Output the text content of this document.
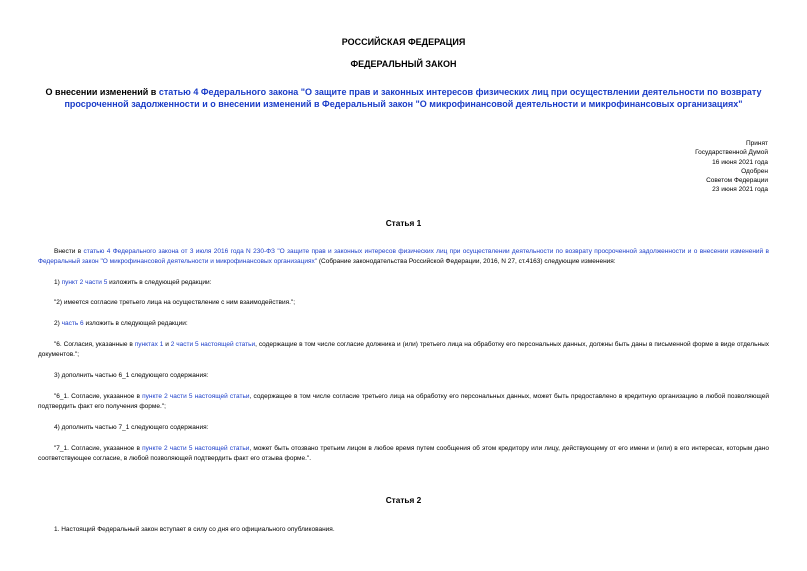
РОССИЙСКАЯ ФЕДЕРАЦИЯ
ФЕДЕРАЛЬНЫЙ ЗАКОН
О внесении изменений в статью 4 Федерального закона "О защите прав и законных интересов физических лиц при осуществлении деятельности по возврату просроченной задолженности и о внесении изменений в Федеральный закон "О микрофинансовой деятельности и микрофинансовых организациях"
Принят
Государственной Думой
16 июня 2021 года
Одобрен
Советом Федерации
23 июня 2021 года
Статья 1

Внести в статью 4 Федерального закона от 3 июля 2016 года N 230-ФЗ "О защите прав и законных интересов физических лиц при осуществлении деятельности по возврату просроченной задолженности и о внесении изменений в Федеральный закон "О микрофинансовой деятельности и микрофинансовых организациях" (Собрание законодательства Российской Федерации, 2016, N 27, ст.4163) следующие изменения:

1) пункт 2 части 5 изложить в следующей редакции:

"2) имеется согласие третьего лица на осуществление с ним взаимодействия.";

2) часть 6 изложить в следующей редакции:

"6. Согласия, указанные в пунктах 1 и 2 части 5 настоящей статьи, содержащие в том числе согласие должника и (или) третьего лица на обработку его персональных данных, должны быть даны в письменной форме в виде отдельных документов.";

3) дополнить частью 6_1 следующего содержания:

"6_1. Согласие, указанное в пункте 2 части 5 настоящей статьи, содержащее в том числе согласие третьего лица на обработку его персональных данных, может быть предоставлено в кредитную организацию в любой позволяющей подтвердить факт его получения форме.";

4) дополнить частью 7_1 следующего содержания:

"7_1. Согласие, указанное в пункте 2 части 5 настоящей статьи, может быть отозвано третьим лицом в любое время путем сообщения об этом кредитору или лицу, действующему от его имени и (или) в его интересах, которым дано соответствующее согласие, в любой позволяющей подтвердить факт его отзыва форме.".

Статья 2

1. Настоящий Федеральный закон вступает в силу со дня его официального опубликования.
